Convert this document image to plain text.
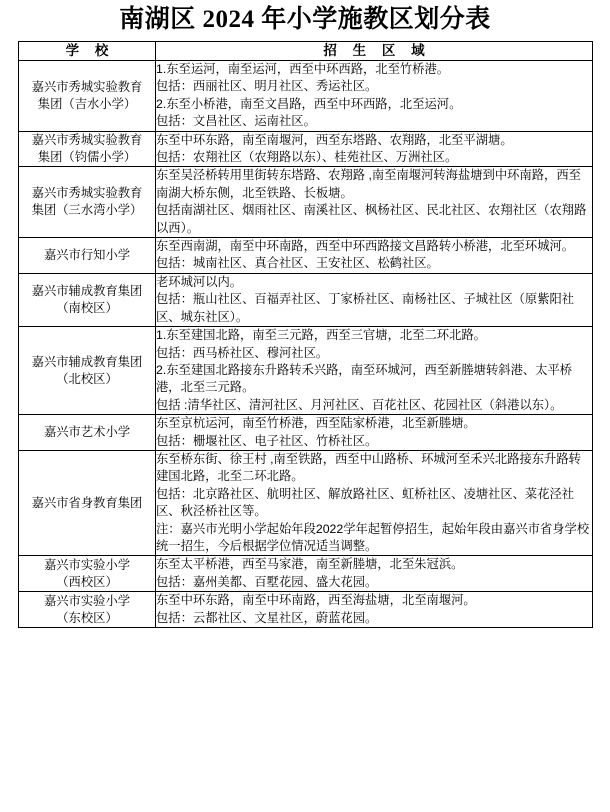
南湖区 2024 年小学施教区划分表
学 校	招 生 区 域

嘉兴市秀城实验教育
集团（吉水小学）	1.东至运河，南至运河，西至中环西路，北至竹桥港。
包括：西丽社区、明月社区、秀运社区。
2.东至小桥港，南至文昌路，西至中环西路，北至运河。
包括：文昌社区、运南社区。

嘉兴市秀城实验教育
集团（钧儒小学）	东至中环东路，南至南堰河，西至东塔路、农翔路，北至平湖塘。
包括：农翔社区（农翔路以东）、桂苑社区、万洲社区。

嘉兴市秀城实验教育
集团（三水湾小学）	东至吴泾桥转用里街转东塔路、农翔路 ,南至南堰河转海盐塘到中环南路，西至南湖大桥东侧，北至铁路、长板塘。
包括南湖社区、烟雨社区、南溪社区、枫杨社区、民北社区、农翔社区（农翔路以西）。

嘉兴市行知小学	东至西南湖，南至中环南路，西至中环西路接文昌路转小桥港，北至环城河。
包括：城南社区、真合社区、王安社区、松鹤社区。

嘉兴市辅成教育集团
（南校区）	老环城河以内。
包括：瓶山社区、百福弄社区、丁家桥社区、南杨社区、子城社区（原紫阳社区、城东社区）。

嘉兴市辅成教育集团
（北校区）	1.东至建国北路，南至三元路，西至三官塘，北至二环北路。
包括：西马桥社区、穆河社区。
2.东至建国北路接东升路转禾兴路，南至环城河，西至新塍塘转斜港、太平桥港，北至三元路。
包括 :清华社区、清河社区、月河社区、百花社区、花园社区（斜港以东）。

嘉兴市艺术小学	东至京杭运河，南至竹桥港，西至陆家桥港，北至新塍塘。
包括：栅堰社区、电子社区、竹桥社区。

嘉兴市省身教育集团	东至桥东街、徐王村 ,南至铁路，西至中山路桥、环城河至禾兴北路接东升路转建国北路，北至二环北路。
包括：北京路社区、航明社区、解放路社区、虹桥社区、凌塘社区、菜花泾社区、秋泾桥社区等。
注：嘉兴市光明小学起始年段2022学年起暂停招生，起始年段由嘉兴市省身学校统一招生，今后根据学位情况适当调整。

嘉兴市实验小学
（西校区）	东至太平桥港，西至马家港，南至新塍塘，北至朱冠浜。
包括：嘉州美都、百墅花园、盛大花园。

嘉兴市实验小学
（东校区）	东至中环东路，南至中环南路，西至海盐塘，北至南堰河。
包括：云都社区、文星社区，蔚蓝花园。
